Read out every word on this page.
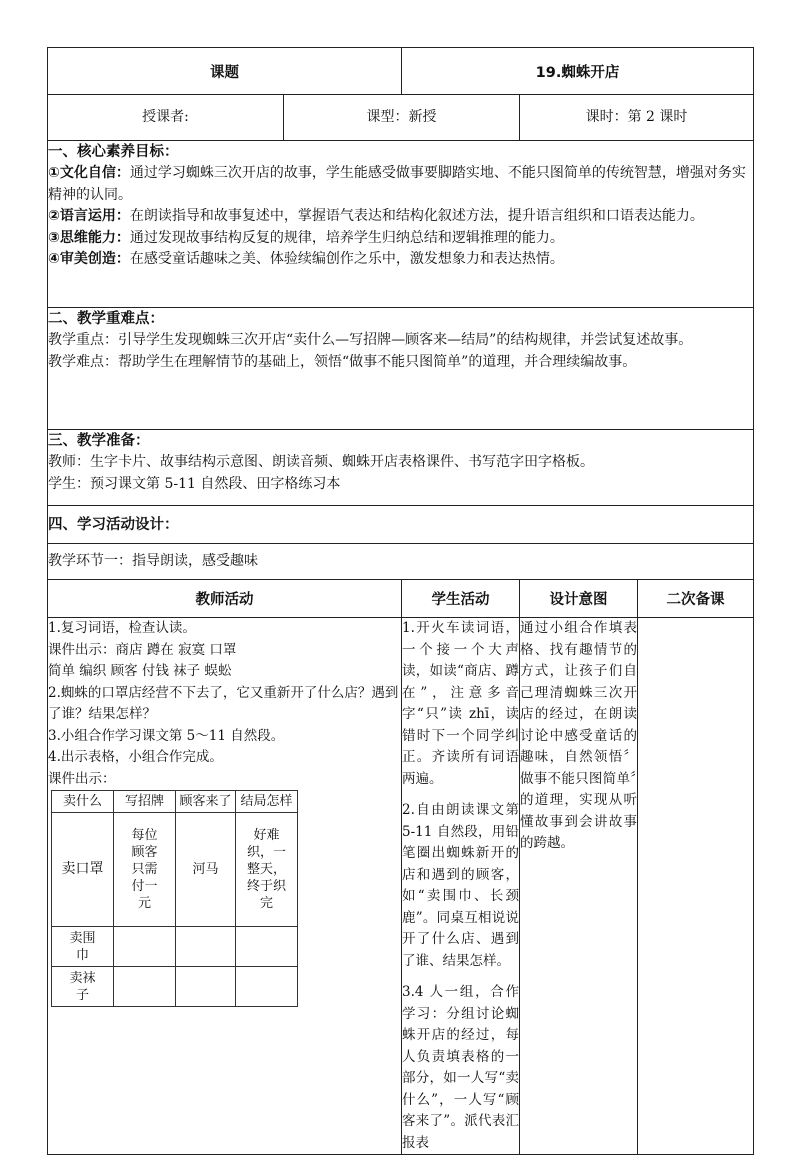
课题	19.蜘蛛开店
授课者:	课型：新授	课时：第 2 课时

一、核心素养目标：
①文化自信：通过学习蜘蛛三次开店的故事，学生能感受做事要脚踏实地、不能只图简单的传统智慧，增强对务实精神的认同。
②语言运用：在朗读指导和故事复述中，掌握语气表达和结构化叙述方法，提升语言组织和口语表达能力。
③思维能力：通过发现故事结构反复的规律，培养学生归纳总结和逻辑推理的能力。
④审美创造：在感受童话趣味之美、体验续编创作之乐中，激发想象力和表达热情。

二、教学重难点：
教学重点：引导学生发现蜘蛛三次开店“卖什么—写招牌—顾客来—结局”的结构规律，并尝试复述故事。
教学难点：帮助学生在理解情节的基础上，领悟“做事不能只图简单”的道理，并合理续编故事。

三、教学准备：
教师：生字卡片、故事结构示意图、朗读音频、蜘蛛开店表格课件、书写范字田字格板。
学生：预习课文第 5-11 自然段、田字格练习本

四、学习活动设计：

教学环节一：指导朗读，感受趣味
教师活动	学生活动	设计意图	二次备课

1.复习词语，检查认读。
课件出示：商店 蹲在 寂寞 口罩
简单 编织 顾客 付钱 袜子 蜈蚣
2.蜘蛛的口罩店经营不下去了，它又重新开了什么店？遇到了谁？结果怎样？
3.小组合作学习课文第 5～11 自然段。
4.出示表格，小组合作完成。
课件出示：
卖什么	写招牌	顾客来了	结局怎样
卖口罩	每位顾客只需付一元	河马	好难织，一整天，终于织完
卖围巾			
卖袜子			

1.开火车读词语，一个接一个大声读，如读“商店、蹲在”，注意多音字“只”读 zhī，读错时下一个同学纠正。齐读所有词语两遍。
2.自由朗读课文第 5-11 自然段，用铅笔圈出蜘蛛新开的店和遇到的顾客，如“卖围巾、长颈鹿”。同桌互相说说开了什么店、遇到了谁、结果怎样。
3.4 人一组，合作学习：分组讨论蜘蛛开店的经过，每人负责填表格的一部分，如一人写“卖什么”，一人写“顾客来了”。派代表汇报表

通过小组合作填表格、找有趣情节的方式，让孩子们自己理清蜘蛛三次开店的经过，在朗读讨论中感受童话的趣味，自然领悟〞做事不能只图简单〞的道理，实现从听懂故事到会讲故事的跨越。
